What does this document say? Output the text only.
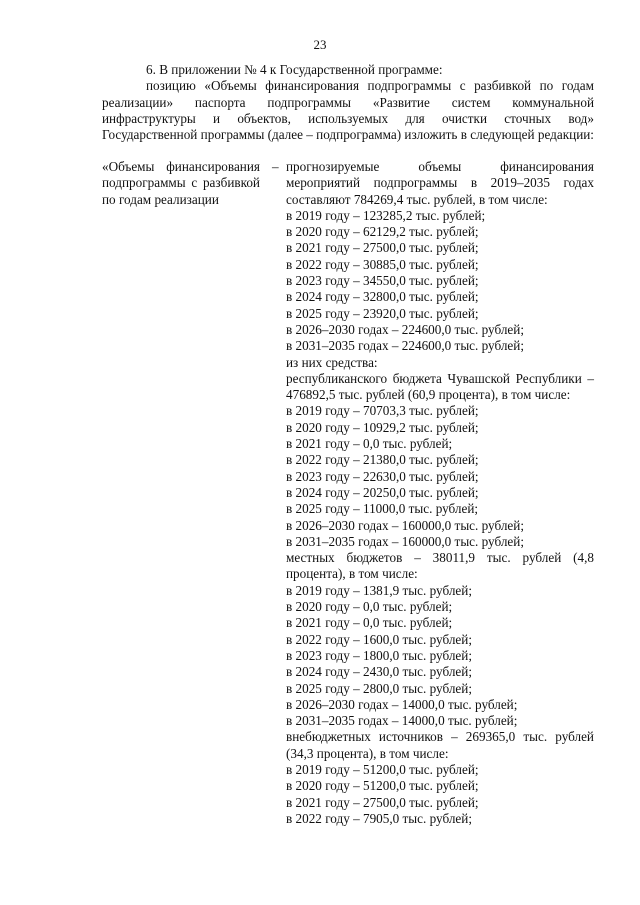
23

6. В приложении № 4 к Государственной программе:

позицию «Объемы финансирования подпрограммы с разбивкой по годам реализации» паспорта подпрограммы «Развитие систем коммунальной инфраструктуры и объектов, используемых для очистки сточных вод» Государственной программы (далее – подпрограмма) изложить в следующей редакции:

«Объемы финансирования подпрограммы с разбивкой по годам реализации
– прогнозируемые объемы финансирования мероприятий подпрограммы в 2019–2035 годах составляют 784269,4 тыс. рублей, в том числе:

в 2019 году – 123285,2 тыс. рублей;

в 2020 году – 62129,2 тыс. рублей;

в 2021 году – 27500,0 тыс. рублей;

в 2022 году – 30885,0 тыс. рублей;

в 2023 году – 34550,0 тыс. рублей;

в 2024 году – 32800,0 тыс. рублей;

в 2025 году – 23920,0 тыс. рублей;

в 2026–2030 годах – 224600,0 тыс. рублей;

в 2031–2035 годах – 224600,0 тыс. рублей;

из них средства:

республиканского бюджета Чувашской Республики – 476892,5 тыс. рублей (60,9 процента), в том числе:

в 2019 году – 70703,3 тыс. рублей;

в 2020 году – 10929,2 тыс. рублей;

в 2021 году – 0,0 тыс. рублей;

в 2022 году – 21380,0 тыс. рублей;

в 2023 году – 22630,0 тыс. рублей;

в 2024 году – 20250,0 тыс. рублей;

в 2025 году – 11000,0 тыс. рублей;

в 2026–2030 годах – 160000,0 тыс. рублей;

в 2031–2035 годах – 160000,0 тыс. рублей;

местных бюджетов – 38011,9 тыс. рублей (4,8 процента), в том числе:

в 2019 году – 1381,9 тыс. рублей;

в 2020 году – 0,0 тыс. рублей;

в 2021 году – 0,0 тыс. рублей;

в 2022 году – 1600,0 тыс. рублей;

в 2023 году – 1800,0 тыс. рублей;

в 2024 году – 2430,0 тыс. рублей;

в 2025 году – 2800,0 тыс. рублей;

в 2026–2030 годах – 14000,0 тыс. рублей;

в 2031–2035 годах – 14000,0 тыс. рублей;

внебюджетных источников – 269365,0 тыс. рублей (34,3 процента), в том числе:

в 2019 году – 51200,0 тыс. рублей;

в 2020 году – 51200,0 тыс. рублей;

в 2021 году – 27500,0 тыс. рублей;

в 2022 году – 7905,0 тыс. рублей;
